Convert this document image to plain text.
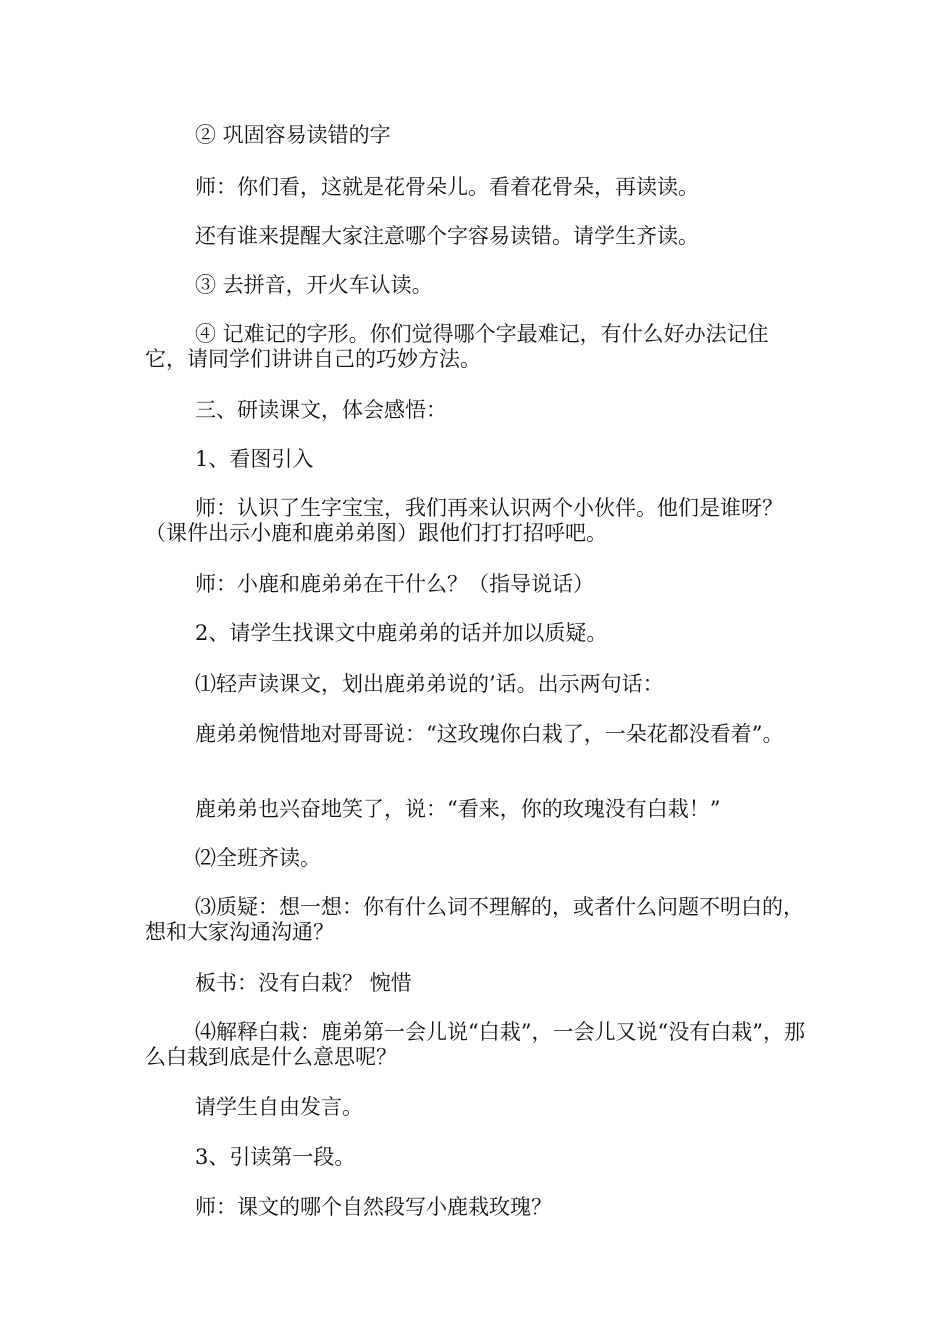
② 巩固容易读错的字

师：你们看，这就是花骨朵儿。看着花骨朵，再读读。

还有谁来提醒大家注意哪个字容易读错。请学生齐读。

③ 去拼音，开火车认读。

④ 记难记的字形。你们觉得哪个字最难记，有什么好办法记住它，请同学们讲讲自己的巧妙方法。

三、研读课文，体会感悟：

1、看图引入

师：认识了生字宝宝，我们再来认识两个小伙伴。他们是谁呀？（课件出示小鹿和鹿弟弟图）跟他们打打招呼吧。

师：小鹿和鹿弟弟在干什么？（指导说话）

2、请学生找课文中鹿弟弟的话并加以质疑。

⑴轻声读课文，划出鹿弟弟说的’话。出示两句话：

鹿弟弟惋惜地对哥哥说：“这玫瑰你白栽了，一朵花都没看着”。

鹿弟弟也兴奋地笑了，说：“看来，你的玫瑰没有白栽！”

⑵全班齐读。

⑶质疑：想一想：你有什么词不理解的，或者什么问题不明白的，想和大家沟通沟通？

板书：没有白栽？ 惋惜

⑷解释白栽：鹿弟第一会儿说“白栽”，一会儿又说“没有白栽”，那么白栽到底是什么意思呢？

请学生自由发言。

3、引读第一段。

师：课文的哪个自然段写小鹿栽玫瑰？
